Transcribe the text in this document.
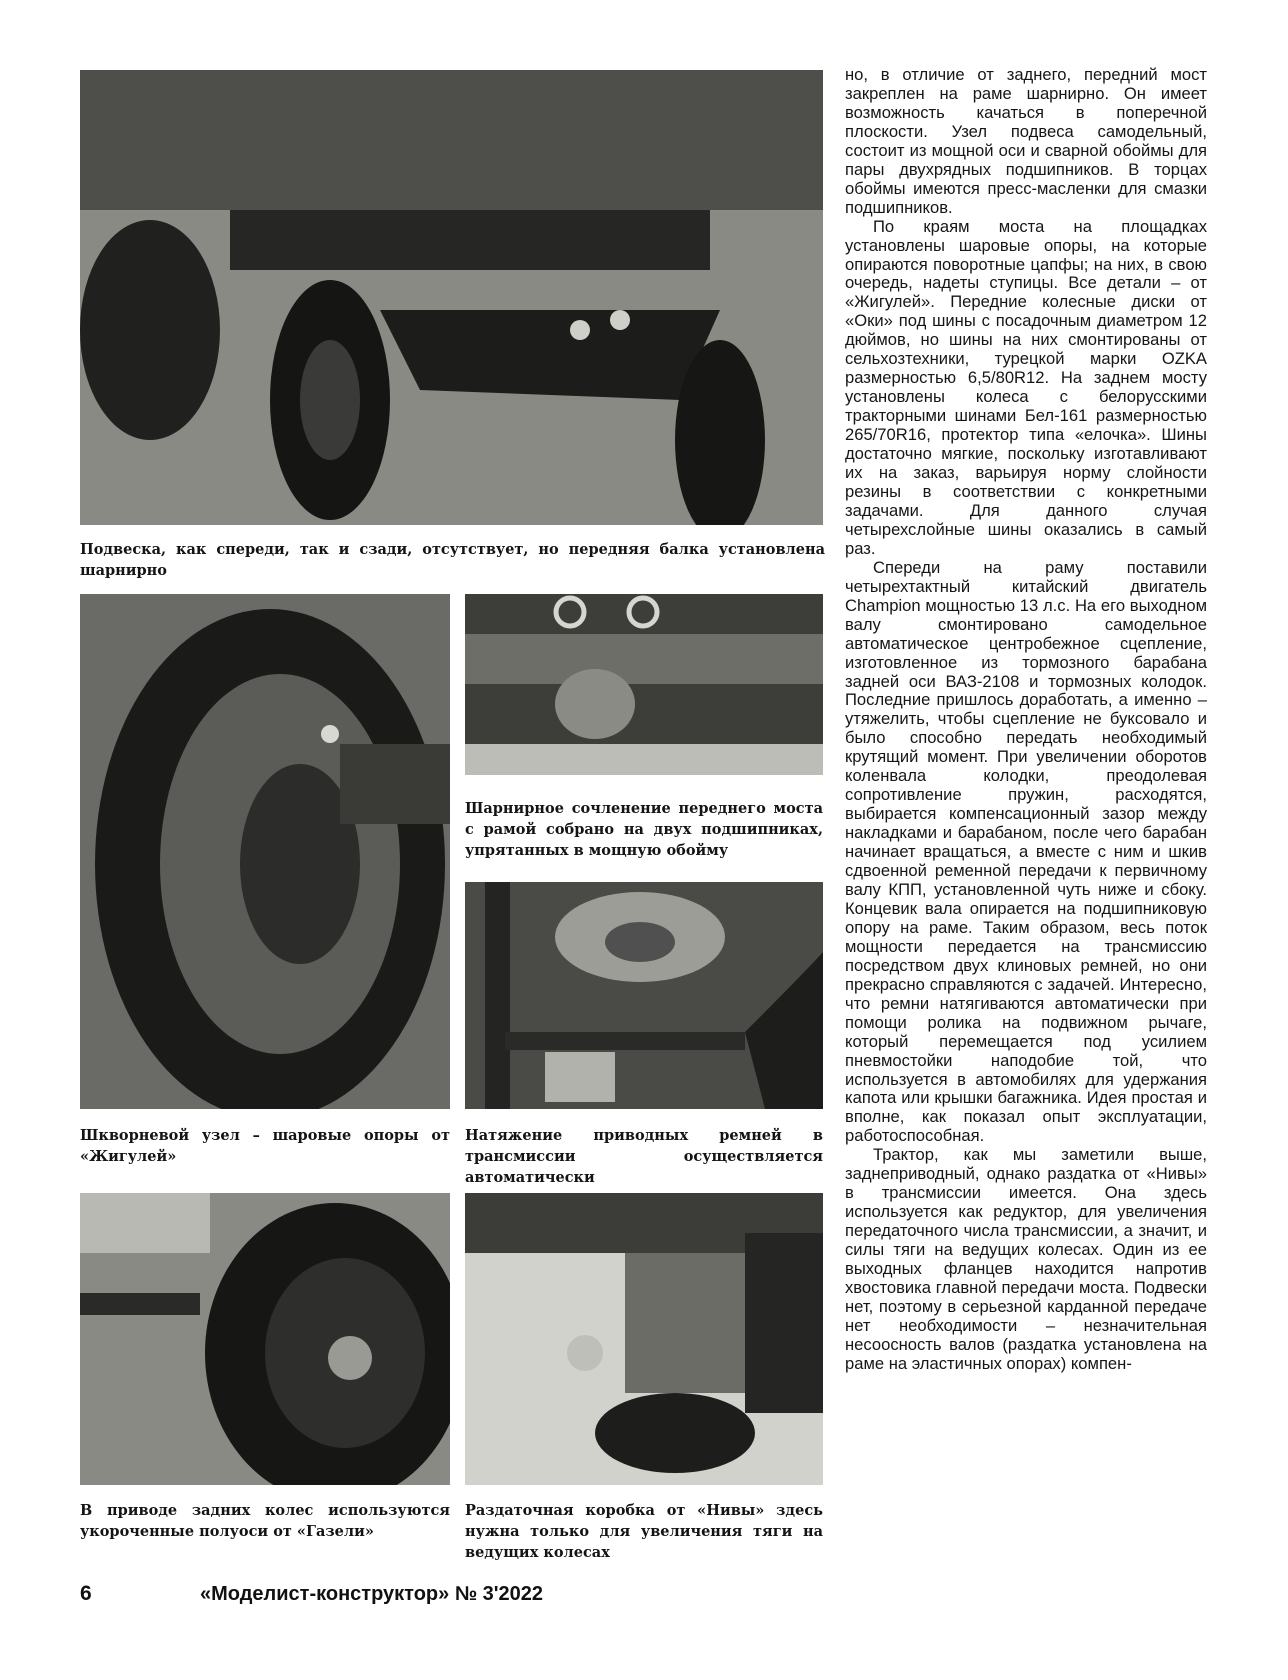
Подвеска, как спереди, так и сзади, отсутствует, но передняя балка установлена шарнирно

Шкворневой узел – шаровые опоры от «Жигулей»

Шарнирное сочленение переднего моста с рамой собрано на двух подшипниках, упрятанных в мощную обойму

Натяжение приводных ремней в трансмиссии осуществляется автоматически

В приводе задних колес используются укороченные полуоси от «Газели»

Раздаточная коробка от «Нивы» здесь нужна только для увеличения тяги на ведущих колесах

но, в отличие от заднего, передний мост закреплен на раме шарнирно. Он имеет возможность качаться в поперечной плоскости. Узел подвеса самодельный, состоит из мощной оси и сварной обоймы для пары двухрядных подшипников. В торцах обоймы имеются пресс-масленки для смазки подшипников.

По краям моста на площадках установлены шаровые опоры, на которые опираются поворотные цапфы; на них, в свою очередь, надеты ступицы. Все детали – от «Жигулей». Передние колесные диски от «Оки» под шины с посадочным диаметром 12 дюймов, но шины на них смонтированы от сельхозтехники, турецкой марки OZKA размерностью 6,5/80R12. На заднем мосту установлены колеса с белорусскими тракторными шинами Бел-161 размерностью 265/70R16, протектор типа «елочка». Шины достаточно мягкие, поскольку изготавливают их на заказ, варьируя норму слойности резины в соответствии с конкретными задачами. Для данного случая четырехслойные шины оказались в самый раз.

Спереди на раму поставили четырехтактный китайский двигатель Champion мощностью 13 л.с. На его выходном валу смонтировано самодельное автоматическое центробежное сцепление, изготовленное из тормозного барабана задней оси ВАЗ-2108 и тормозных колодок. Последние пришлось доработать, а именно – утяжелить, чтобы сцепление не буксовало и было способно передать необходимый крутящий момент. При увеличении оборотов коленвала колодки, преодолевая сопротивление пружин, расходятся, выбирается компенсационный зазор между накладками и барабаном, после чего барабан начинает вращаться, а вместе с ним и шкив сдвоенной ременной передачи к первичному валу КПП, установленной чуть ниже и сбоку. Концевик вала опирается на подшипниковую опору на раме. Таким образом, весь поток мощности передается на трансмиссию посредством двух клиновых ремней, но они прекрасно справляются с задачей. Интересно, что ремни натягиваются автоматически при помощи ролика на подвижном рычаге, который перемещается под усилием пневмостойки наподобие той, что используется в автомобилях для удержания капота или крышки багажника. Идея простая и вполне, как показал опыт эксплуатации, работоспособная.

Трактор, как мы заметили выше, заднеприводный, однако раздатка от «Нивы» в трансмиссии имеется. Она здесь используется как редуктор, для увеличения передаточного числа трансмиссии, а значит, и силы тяги на ведущих колесах. Один из ее выходных фланцев находится напротив хвостовика главной передачи моста. Подвески нет, поэтому в серьезной карданной передаче нет необходимости – незначительная несоосность валов (раздатка установлена на раме на эластичных опорах) компен-

6	«Моделист-конструктор» № 3'2022
